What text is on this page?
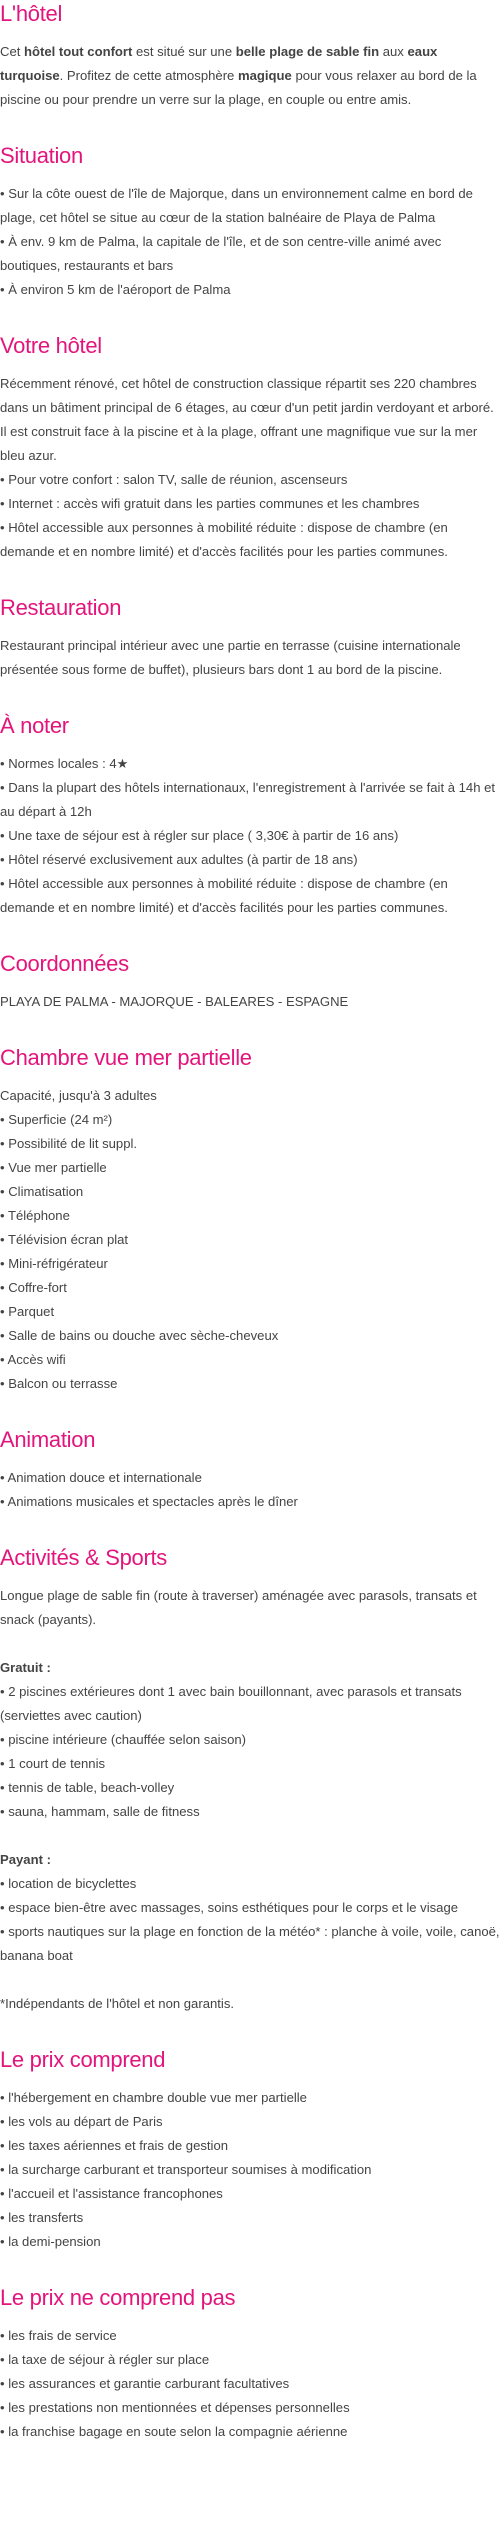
L'hôtel
Cet hôtel tout confort est situé sur une belle plage de sable fin aux eaux turquoise. Profitez de cette atmosphère magique pour vous relaxer au bord de la piscine ou pour prendre un verre sur la plage, en couple ou entre amis.
Situation
• Sur la côte ouest de l'île de Majorque, dans un environnement calme en bord de plage, cet hôtel se situe au cœur de la station balnéaire de Playa de Palma
• À env. 9 km de Palma, la capitale de l'île, et de son centre-ville animé avec boutiques, restaurants et bars
• À environ 5 km de l'aéroport de Palma
Votre hôtel
Récemment rénové, cet hôtel de construction classique répartit ses 220 chambres dans un bâtiment principal de 6 étages, au cœur d'un petit jardin verdoyant et arboré. Il est construit face à la piscine et à la plage, offrant une magnifique vue sur la mer bleu azur.
• Pour votre confort : salon TV, salle de réunion, ascenseurs
• Internet : accès wifi gratuit dans les parties communes et les chambres
• Hôtel accessible aux personnes à mobilité réduite : dispose de chambre (en demande et en nombre limité) et d'accès facilités pour les parties communes.
Restauration
Restaurant principal intérieur avec une partie en terrasse (cuisine internationale présentée sous forme de buffet), plusieurs bars dont 1 au bord de la piscine.
À noter
• Normes locales : 4★
• Dans la plupart des hôtels internationaux, l'enregistrement à l'arrivée se fait à 14h et au départ à 12h
• Une taxe de séjour est à régler sur place ( 3,30€ à partir de 16 ans)
• Hôtel réservé exclusivement aux adultes (à partir de 18 ans)
• Hôtel accessible aux personnes à mobilité réduite : dispose de chambre (en demande et en nombre limité) et d'accès facilités pour les parties communes.
Coordonnées
PLAYA DE PALMA - MAJORQUE - BALEARES - ESPAGNE
Chambre vue mer partielle
Capacité, jusqu'à 3 adultes
• Superficie (24 m²)
• Possibilité de lit suppl.
• Vue mer partielle
• Climatisation
• Téléphone
• Télévision écran plat
• Mini-réfrigérateur
• Coffre-fort
• Parquet
• Salle de bains ou douche avec sèche-cheveux
• Accès wifi
• Balcon ou terrasse
Animation
• Animation douce et internationale
• Animations musicales et spectacles après le dîner
Activités & Sports
Longue plage de sable fin (route à traverser) aménagée avec parasols, transats et snack (payants).
Gratuit :
• 2 piscines extérieures dont 1 avec bain bouillonnant, avec parasols et transats (serviettes avec caution)
• piscine intérieure (chauffée selon saison)
• 1 court de tennis
• tennis de table, beach-volley
• sauna, hammam, salle de fitness
Payant :
• location de bicyclettes
• espace bien-être avec massages, soins esthétiques pour le corps et le visage
• sports nautiques sur la plage en fonction de la météo* : planche à voile, voile, canoë, banana boat
*Indépendants de l'hôtel et non garantis.
Le prix comprend
• l'hébergement en chambre double vue mer partielle
• les vols au départ de Paris
• les taxes aériennes et frais de gestion
• la surcharge carburant et transporteur soumises à modification
• l'accueil et l'assistance francophones
• les transferts
• la demi-pension
Le prix ne comprend pas
• les frais de service
• la taxe de séjour à régler sur place
• les assurances et garantie carburant facultatives
• les prestations non mentionnées et dépenses personnelles
• la franchise bagage en soute selon la compagnie aérienne
